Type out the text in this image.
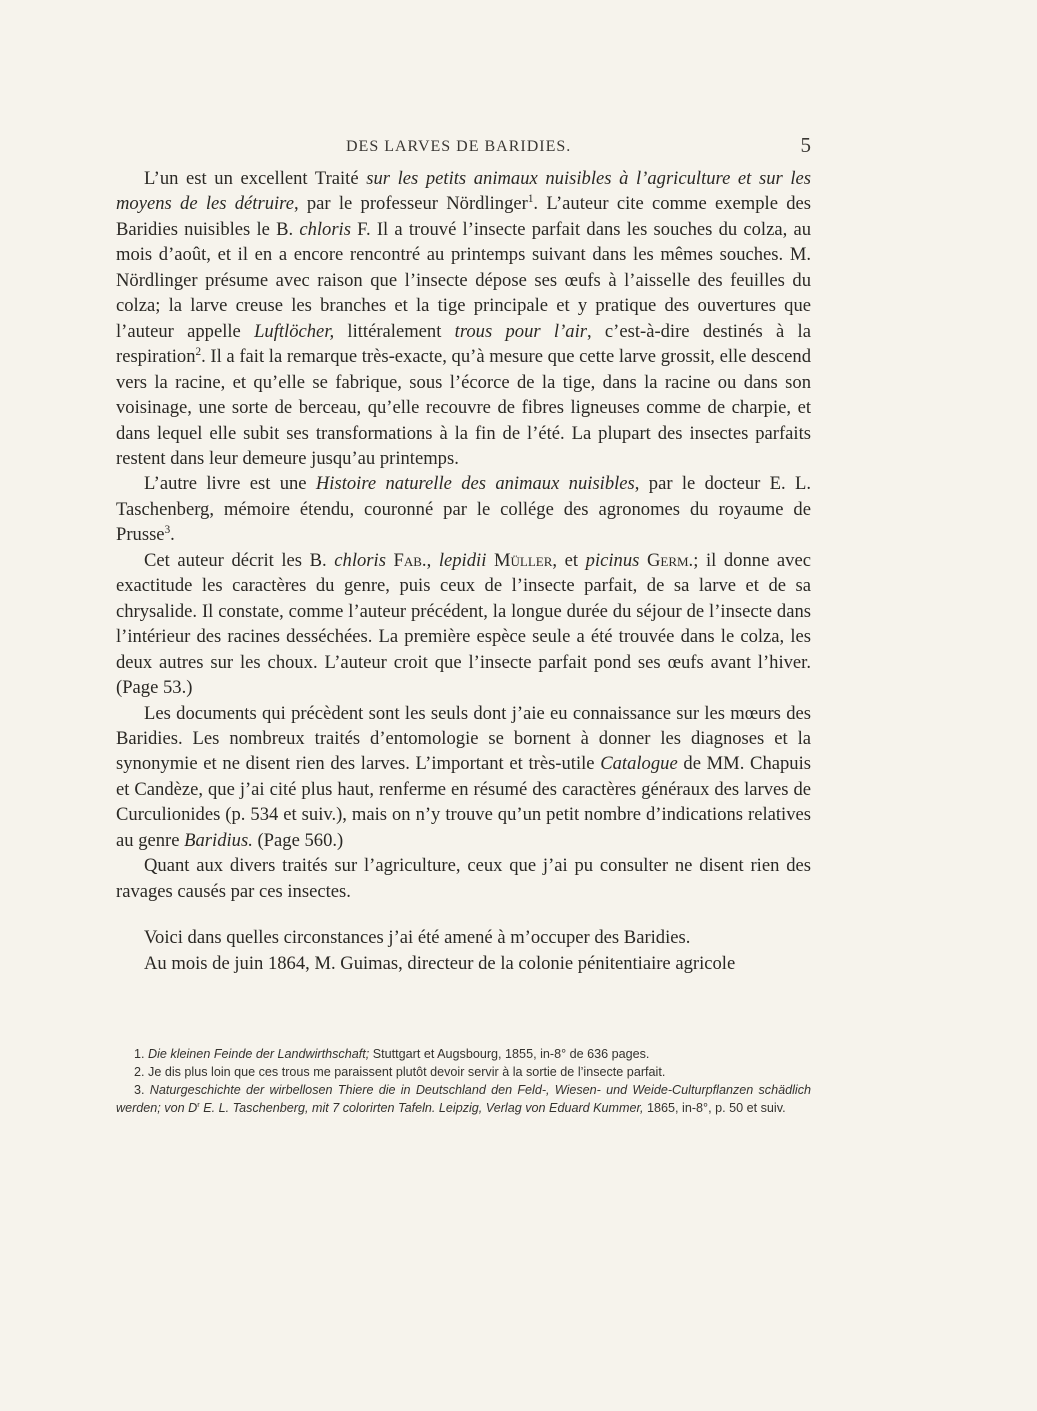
DES LARVES DE BARIDIES.	5

L’un est un excellent Traité sur les petits animaux nuisibles à l’agriculture et sur les moyens de les détruire, par le professeur Nördlinger$^1$. L’auteur cite comme exemple des Baridies nuisibles le B. chloris F. Il a trouvé l’insecte parfait dans les souches du colza, au mois d’août, et il en a encore rencontré au printemps suivant dans les mêmes souches. M. Nördlinger présume avec raison que l’insecte dépose ses œufs à l’aisselle des feuilles du colza; la larve creuse les branches et la tige principale et y pratique des ouvertures que l’auteur appelle Luftlöcher, littéralement trous pour l’air, c’est-à-dire destinés à la respiration$^2$. Il a fait la remarque très-exacte, qu’à mesure que cette larve grossit, elle descend vers la racine, et qu’elle se fabrique, sous l’écorce de la tige, dans la racine ou dans son voisinage, une sorte de berceau, qu’elle recouvre de fibres ligneuses comme de charpie, et dans lequel elle subit ses transformations à la fin de l’été. La plupart des insectes parfaits restent dans leur demeure jusqu’au printemps.

L’autre livre est une Histoire naturelle des animaux nuisibles, par le docteur E. L. Taschenberg, mémoire étendu, couronné par le collége des agronomes du royaume de Prusse$^3$.

Cet auteur décrit les B. chloris Fab., lepidii Müller, et picinus Germ.; il donne avec exactitude les caractères du genre, puis ceux de l’insecte parfait, de sa larve et de sa chrysalide. Il constate, comme l’auteur précédent, la longue durée du séjour de l’insecte dans l’intérieur des racines desséchées. La première espèce seule a été trouvée dans le colza, les deux autres sur les choux. L’auteur croit que l’insecte parfait pond ses œufs avant l’hiver. (Page 53.)

Les documents qui précèdent sont les seuls dont j’aie eu connaissance sur les mœurs des Baridies. Les nombreux traités d’entomologie se bornent à donner les diagnoses et la synonymie et ne disent rien des larves. L’important et très-utile Catalogue de MM. Chapuis et Candèze, que j’ai cité plus haut, renferme en résumé des caractères généraux des larves de Curculionides (p. 534 et suiv.), mais on n’y trouve qu’un petit nombre d’indications relatives au genre Baridius. (Page 560.)

Quant aux divers traités sur l’agriculture, ceux que j’ai pu consulter ne disent rien des ravages causés par ces insectes.

Voici dans quelles circonstances j’ai été amené à m’occuper des Baridies.

Au mois de juin 1864, M. Guimas, directeur de la colonie pénitentiaire agricole

1. Die kleinen Feinde der Landwirthschaft; Stuttgart et Augsbourg, 1855, in-8° de 636 pages.

2. Je dis plus loin que ces trous me paraissent plutôt devoir servir à la sortie de l’insecte parfait.

3. Naturgeschichte der wirbellosen Thiere die in Deutschland den Feld-, Wiesen- und Weide-Culturpflanzen schädlich werden; von $D^r$ E. L. Taschenberg, mit 7 colorirten Tafeln. Leipzig, Verlag von Eduard Kummer, 1865, in-8°, p. 50 et suiv.
